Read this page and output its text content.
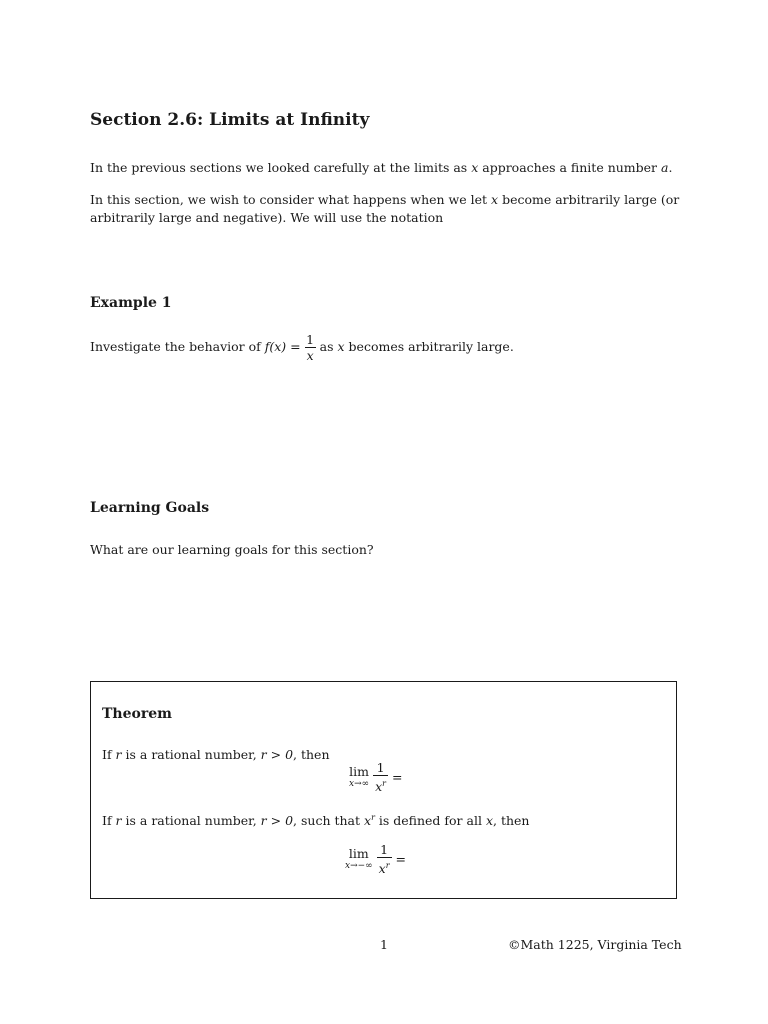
Section 2.6: Limits at Infinity
In the previous sections we looked carefully at the limits as x approaches a finite number a.
In this section, we wish to consider what happens when we let x become arbitrarily large (or
arbitrarily large and negative). We will use the notation
Example 1
Investigate the behavior of $f(x) = \frac{1}{x}$ as x becomes arbitrarily large.
Learning Goals
What are our learning goals for this section?
Theorem
If r is a rational number, r > 0, then
lim
x→∞
$\frac{1}{x^r}$ =
If r is a rational number, r > 0, such that $x^r$ is defined for all x, then
lim
x→−∞
$\frac{1}{x^r}$ =
1	©Math 1225, Virginia Tech
